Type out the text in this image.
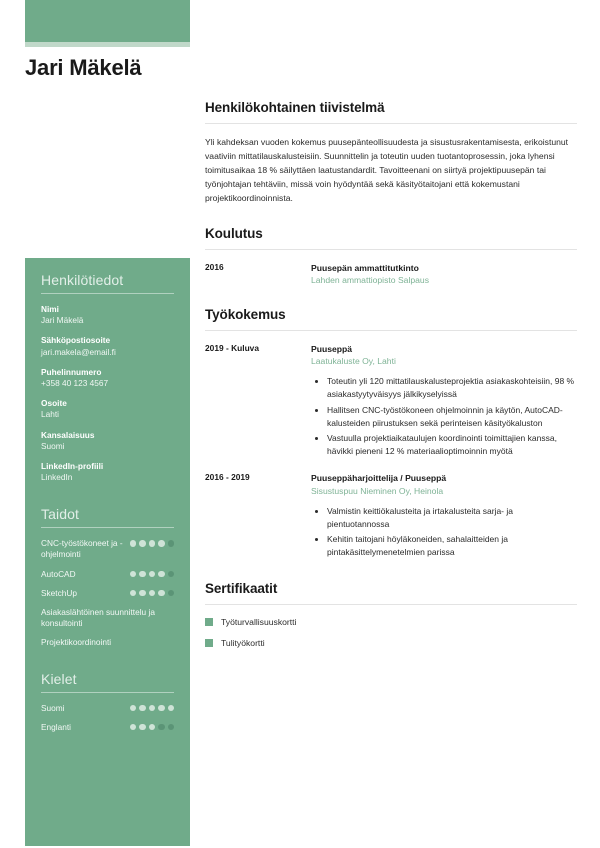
Jari Mäkelä
Henkilötiedot
Nimi
Jari Mäkelä
Sähköpostiosoite
jari.makela@email.fi
Puhelinnumero
+358 40 123 4567
Osoite
Lahti
Kansalaisuus
Suomi
LinkedIn-profiili
LinkedIn
Taidot
CNC-työstökoneet ja -ohjelmointi
AutoCAD
SketchUp
Asiakaslähtöinen suunnittelu ja konsultointi
Projektikoordinointi
Kielet
Suomi
Englanti
Henkilökohtainen tiivistelmä

Yli kahdeksan vuoden kokemus puusepänteollisuudesta ja sisustusrakentamisesta, erikoistunut vaativiin mittatilauskalusteisiin. Suunnittelin ja toteutin uuden tuotantoprosessin, joka lyhensi toimitusaikaa 18 % säilyttäen laatustandardit. Tavoitteenani on siirtyä projektipuusepän tai työnjohtajan tehtäviin, missä voin hyödyntää sekä käsityötaitojani että kokemustani projektikoordinoinnista.

Koulutus
2016	Puusepän ammattitutkinto
Lahden ammattiopisto Salpaus
Työkokemus
2019 - Kuluva	Puuseppä
Laatukaluste Oy, Lahti
• Toteutin yli 120 mittatilauskalusteprojektia asiakaskohteisiin, 98 % asiakastyytyväisyys jälkikyselyissä
• Hallitsen CNC-työstökoneen ohjelmoinnin ja käytön, AutoCAD-kalusteiden piirustuksen sekä perinteisen käsityökaluston
• Vastuulla projektiaikataulujen koordinointi toimittajien kanssa, hävikki pieneni 12 % materiaalioptimoinnin myötä
2016 - 2019	Puuseppäharjoittelija / Puuseppä
Sisustuspuu Nieminen Oy, Heinola
• Valmistin keittiökalusteita ja irtakalusteita sarja- ja pientuotannossa
• Kehitin taitojani höyläkoneiden, sahalaitteiden ja pintakäsittelymenetelmien parissa
Sertifikaatit
Työturvallisuuskortti
Tulityökortti
